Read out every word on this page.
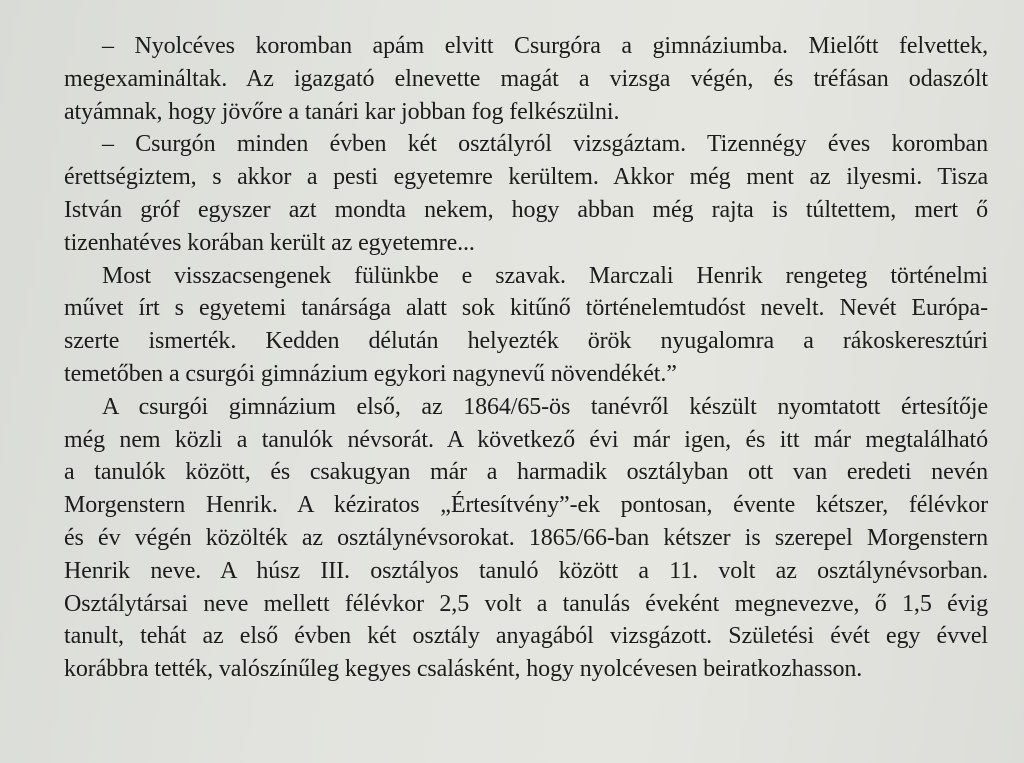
– Nyolcéves koromban apám elvitt Csurgóra a gimnáziumba. Mielőtt felvettek,
megexamináltak. Az igazgató elnevette magát a vizsga végén, és tréfásan odaszólt
atyámnak, hogy jövőre a tanári kar jobban fog felkészülni.
– Csurgón minden évben két osztályról vizsgáztam. Tizennégy éves koromban
érettségiztem, s akkor a pesti egyetemre kerültem. Akkor még ment az ilyesmi. Tisza
István gróf egyszer azt mondta nekem, hogy abban még rajta is túltettem, mert ő
tizenhatéves korában került az egyetemre...
Most visszacsengenek fülünkbe e szavak. Marczali Henrik rengeteg történelmi
művet írt s egyetemi tanársága alatt sok kitűnő történelemtudóst nevelt. Nevét Európa-
szerte ismerték. Kedden délután helyezték örök nyugalomra a rákoskeresztúri
temetőben a csurgói gimnázium egykori nagynevű növendékét.”
A csurgói gimnázium első, az 1864/65-ös tanévről készült nyomtatott értesítője
még nem közli a tanulók névsorát. A következő évi már igen, és itt már megtalálható
a tanulók között, és csakugyan már a harmadik osztályban ott van eredeti nevén
Morgenstern Henrik. A kéziratos „Értesítvény”-ek pontosan, évente kétszer, félévkor
és év végén közölték az osztálynévsorokat. 1865/66-ban kétszer is szerepel Morgenstern
Henrik neve. A húsz III. osztályos tanuló között a 11. volt az osztálynévsorban.
Osztálytársai neve mellett félévkor 2,5 volt a tanulás éveként megnevezve, ő 1,5 évig
tanult, tehát az első évben két osztály anyagából vizsgázott. Születési évét egy évvel
korábbra tették, valószínűleg kegyes csalásként, hogy nyolcévesen beiratkozhasson.
